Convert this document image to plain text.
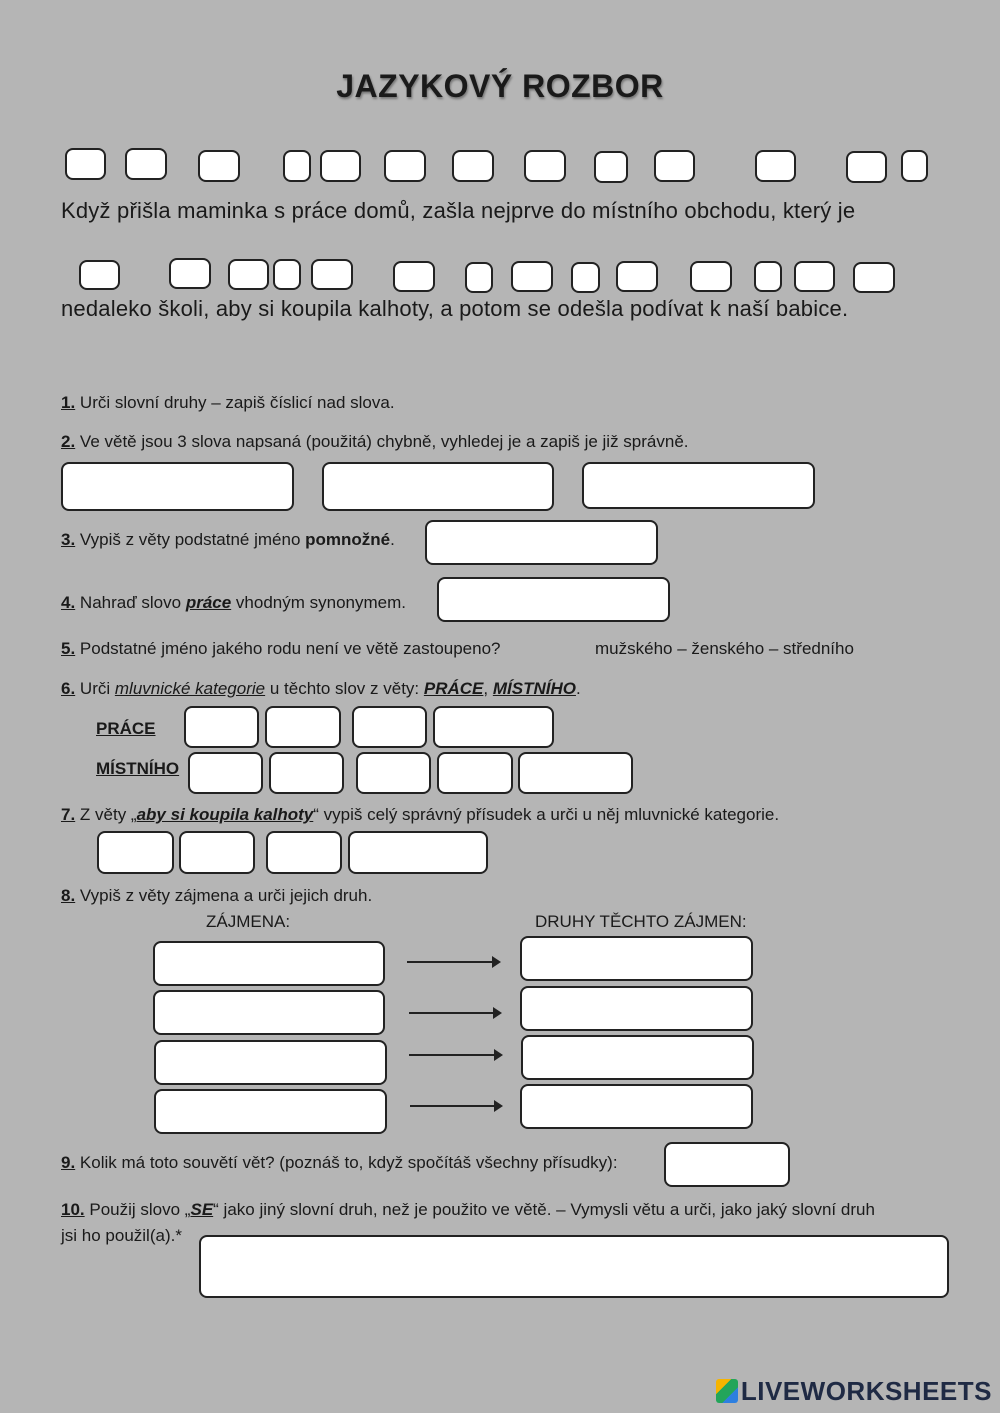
JAZYKOVÝ ROZBOR
Když přišla maminka s práce domů, zašla nejprve do místního obchodu, který je
nedaleko školi, aby si koupila kalhoty, a potom se odešla podívat k naší babice.
1. Urči slovní druhy – zapiš číslicí nad slova.
2. Ve větě jsou 3 slova napsaná (použitá) chybně, vyhledej je a zapiš je již správně.
3. Vypiš z věty podstatné jméno pomnožné.
4. Nahraď slovo práce vhodným synonymem.
5. Podstatné jméno jakého rodu není ve větě zastoupeno?	mužského – ženského – středního
6. Urči mluvnické kategorie u těchto slov z věty: PRÁCE, MÍSTNÍHO.
PRÁCE
MÍSTNÍHO
7. Z věty „aby si koupila kalhoty“ vypiš celý správný přísudek a urči u něj mluvnické kategorie.
8. Vypiš z věty zájmena a urči jejich druh.
ZÁJMENA:	DRUHY TĚCHTO ZÁJMEN:
9. Kolik má toto souvětí vět? (poznáš to, když spočítáš všechny přísudky):
10. Použij slovo „SE“ jako jiný slovní druh, než je použito ve větě. – Vymysli větu a urči, jako jaký slovní druh
jsi ho použil(a).*
LIVEWORKSHEETS
